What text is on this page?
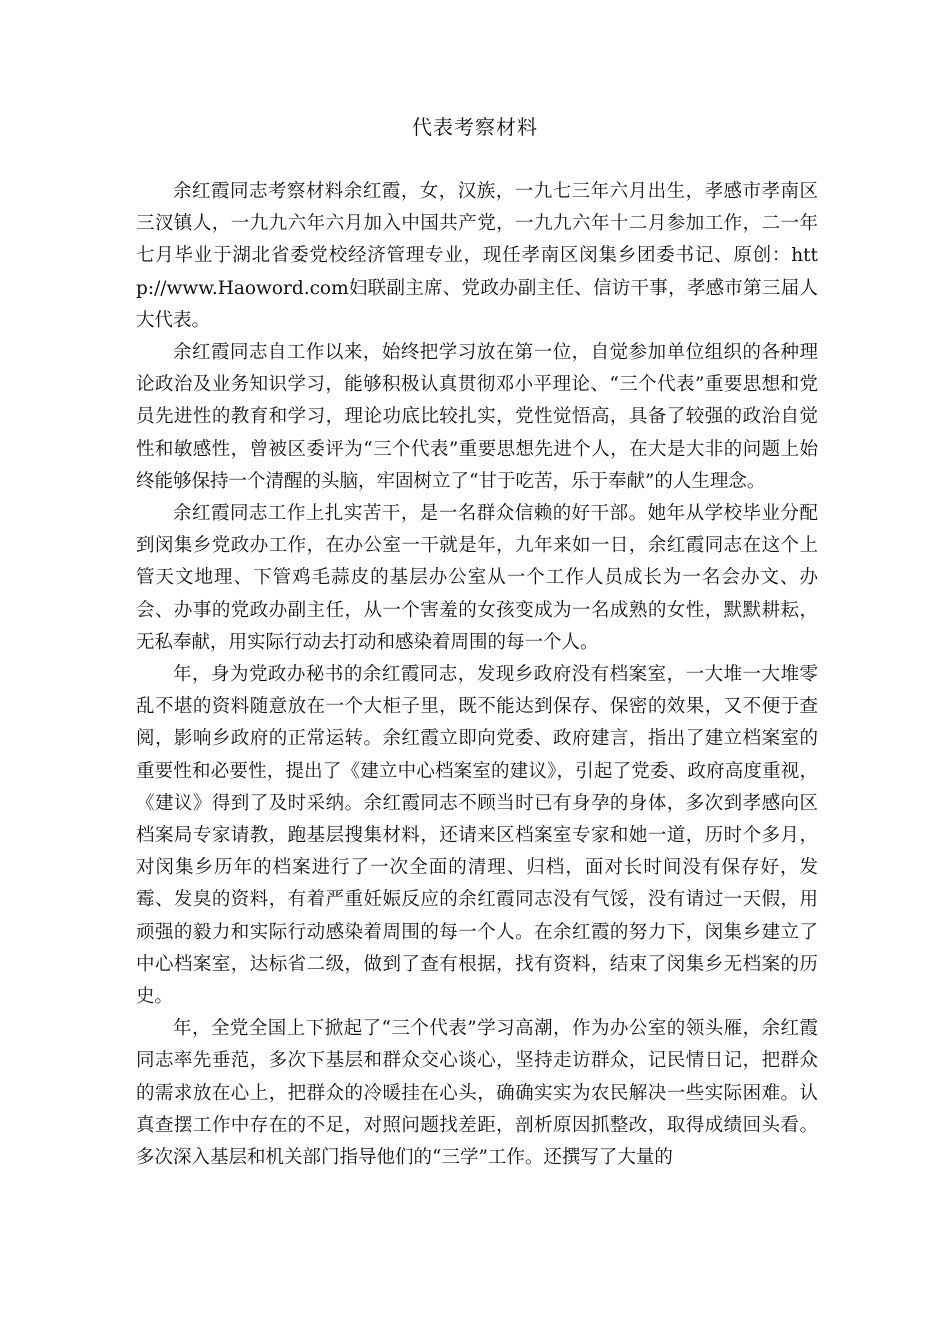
代表考察材料

余红霞同志考察材料余红霞，女，汉族，一九七三年六月出生，孝感市孝南区三汊镇人，一九九六年六月加入中国共产党，一九九六年十二月参加工作，二一年七月毕业于湖北省委党校经济管理专业，现任孝南区闵集乡团委书记、原创：http://www.Haoword.com妇联副主席、党政办副主任、信访干事，孝感市第三届人大代表。

余红霞同志自工作以来，始终把学习放在第一位，自觉参加单位组织的各种理论政治及业务知识学习，能够积极认真贯彻邓小平理论、“三个代表”重要思想和党员先进性的教育和学习，理论功底比较扎实，党性觉悟高，具备了较强的政治自觉性和敏感性，曾被区委评为“三个代表”重要思想先进个人，在大是大非的问题上始终能够保持一个清醒的头脑，牢固树立了“甘于吃苦，乐于奉献”的人生理念。

余红霞同志工作上扎实苦干，是一名群众信赖的好干部。她年从学校毕业分配到闵集乡党政办工作，在办公室一干就是年，九年来如一日，余红霞同志在这个上管天文地理、下管鸡毛蒜皮的基层办公室从一个工作人员成长为一名会办文、办会、办事的党政办副主任，从一个害羞的女孩变成为一名成熟的女性，默默耕耘，无私奉献，用实际行动去打动和感染着周围的每一个人。

年，身为党政办秘书的余红霞同志，发现乡政府没有档案室，一大堆一大堆零乱不堪的资料随意放在一个大柜子里，既不能达到保存、保密的效果，又不便于查阅，影响乡政府的正常运转。余红霞立即向党委、政府建言，指出了建立档案室的重要性和必要性，提出了《建立中心档案室的建议》，引起了党委、政府高度重视，《建议》得到了及时采纳。余红霞同志不顾当时已有身孕的身体，多次到孝感向区档案局专家请教，跑基层搜集材料，还请来区档案室专家和她一道，历时个多月，对闵集乡历年的档案进行了一次全面的清理、归档，面对长时间没有保存好，发霉、发臭的资料，有着严重妊娠反应的余红霞同志没有气馁，没有请过一天假，用顽强的毅力和实际行动感染着周围的每一个人。在余红霞的努力下，闵集乡建立了中心档案室，达标省二级，做到了查有根据，找有资料，结束了闵集乡无档案的历史。

年，全党全国上下掀起了“三个代表”学习高潮，作为办公室的领头雁，余红霞同志率先垂范，多次下基层和群众交心谈心，坚持走访群众，记民情日记，把群众的需求放在心上，把群众的冷暖挂在心头，确确实实为农民解决一些实际困难。认真查摆工作中存在的不足，对照问题找差距，剖析原因抓整改，取得成绩回头看。多次深入基层和机关部门指导他们的“三学”工作。还撰写了大量的
